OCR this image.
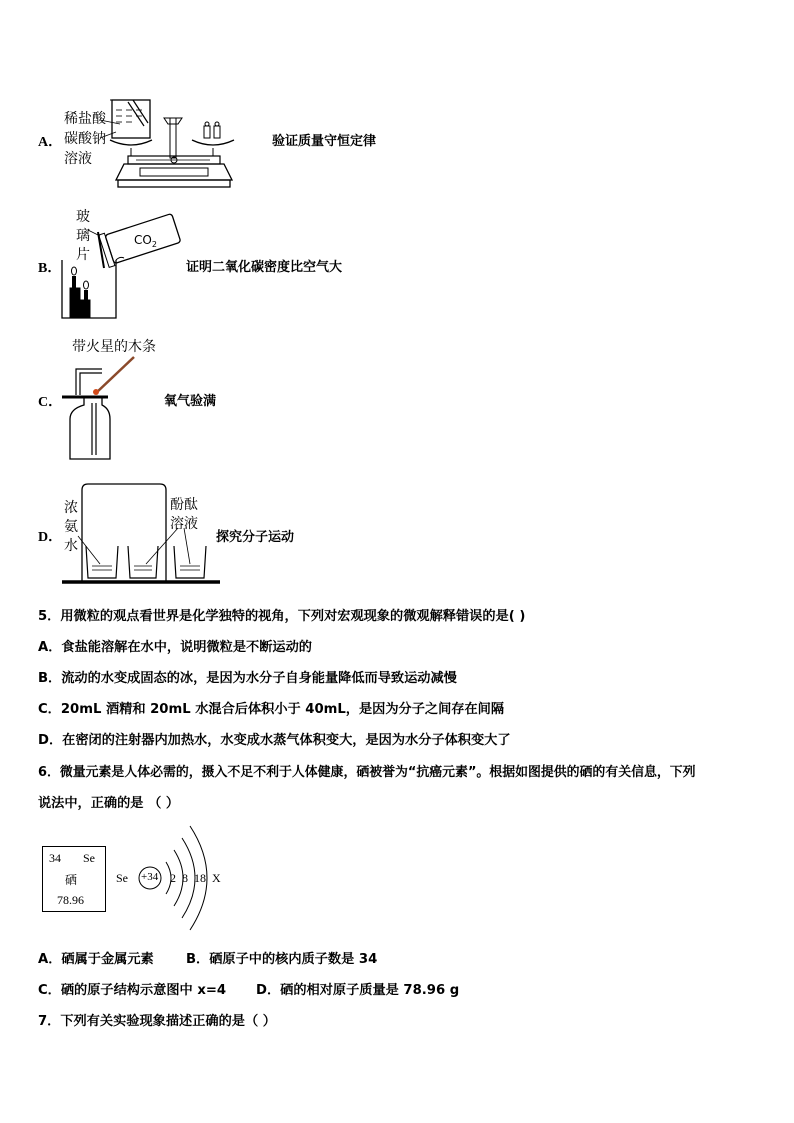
A．
稀盐酸
碳酸钠
溶液
验证质量守恒定律
B．
玻
璃
片
$CO_2$
证明二氧化碳密度比空气大
C．
带火星的木条
氧气验满
D．
浓
氨
水
酚酞
溶液
探究分子运动
5．用微粒的观点看世界是化学独特的视角，下列对宏观现象的微观解释错误的是( )
A．食盐能溶解在水中，说明微粒是不断运动的
B．流动的水变成固态的冰，是因为水分子自身能量降低而导致运动减慢
C．20mL 酒精和 20mL 水混合后体积小于 40mL，是因为分子之间存在间隔
D．在密闭的注射器内加热水，水变成水蒸气体积变大，是因为水分子体积变大了
6．微量元素是人体必需的，摄入不足不利于人体健康，硒被誉为“抗癌元素”。根据如图提供的硒的有关信息，下列
说法中，正确的是 （ ）
34 Se
硒
78.96
Se +34 2  8  18  X
A．硒属于金属元素 B．硒原子中的核内质子数是 34
C．硒的原子结构示意图中 x=4 D．硒的相对原子质量是 78.96 g
7．下列有关实验现象描述正确的是（ ）
